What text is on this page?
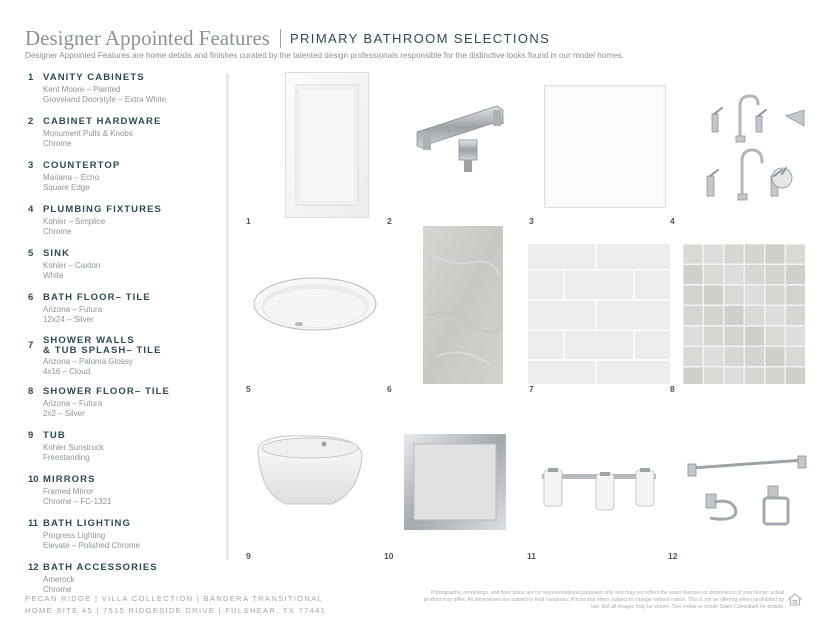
Designer Appointed Features PRIMARY BATHROOM SELECTIONS
Designer Appointed Features are home details and finishes curated by the talented design professionals responsible for the distinctive looks found in our model homes.
1 VANITY CABINETS
Kent Moore – Painted
Groveland Doorstyle – Extra White
2 CABINET HARDWARE
Monument Pulls & Knobs
Chrome
3 COUNTERTOP
Mariana – Echo
Square Edge
4 PLUMBING FIXTURES
Kohler – Simplice
Chrome
5 SINK
Kohler – Caxton
White
6 BATH FLOOR– TILE
Arizona – Futura
12x24 – Silver
7 SHOWER WALLS
& TUB SPLASH– TILE
Arizona – Paloma Glossy
4x16 – Cloud
8 SHOWER FLOOR– TILE
Arizona – Futura
2x2 – Silver
9 TUB
Kohler Sunstruck
Freestanding
10 MIRRORS
Framed Mirror
Chrome – FC-1321
11 BATH LIGHTING
Progress Lighting
Elevate – Polished Chrome
12 BATH ACCESSORIES
Amerock
Chrome
1	2	3	4
5	6	7	8
9	10	11	12
PECAN RIDGE | VILLA COLLECTION | BANDERA TRANSITIONAL
HOME SITE 45 | 7515 RIDGESIDE DRIVE | FULSHEAR, TX 77441
Photographs, renderings, and floor plans are for representational purposes only and may not reflect the exact features or dimensions of your home; actual product may differ. All dimensions are subject to field variations. Prices and offers subject to change without notice. This is not an offering where prohibited by law. Not all images may be shown. See online or onsite Sales Consultant for details.
